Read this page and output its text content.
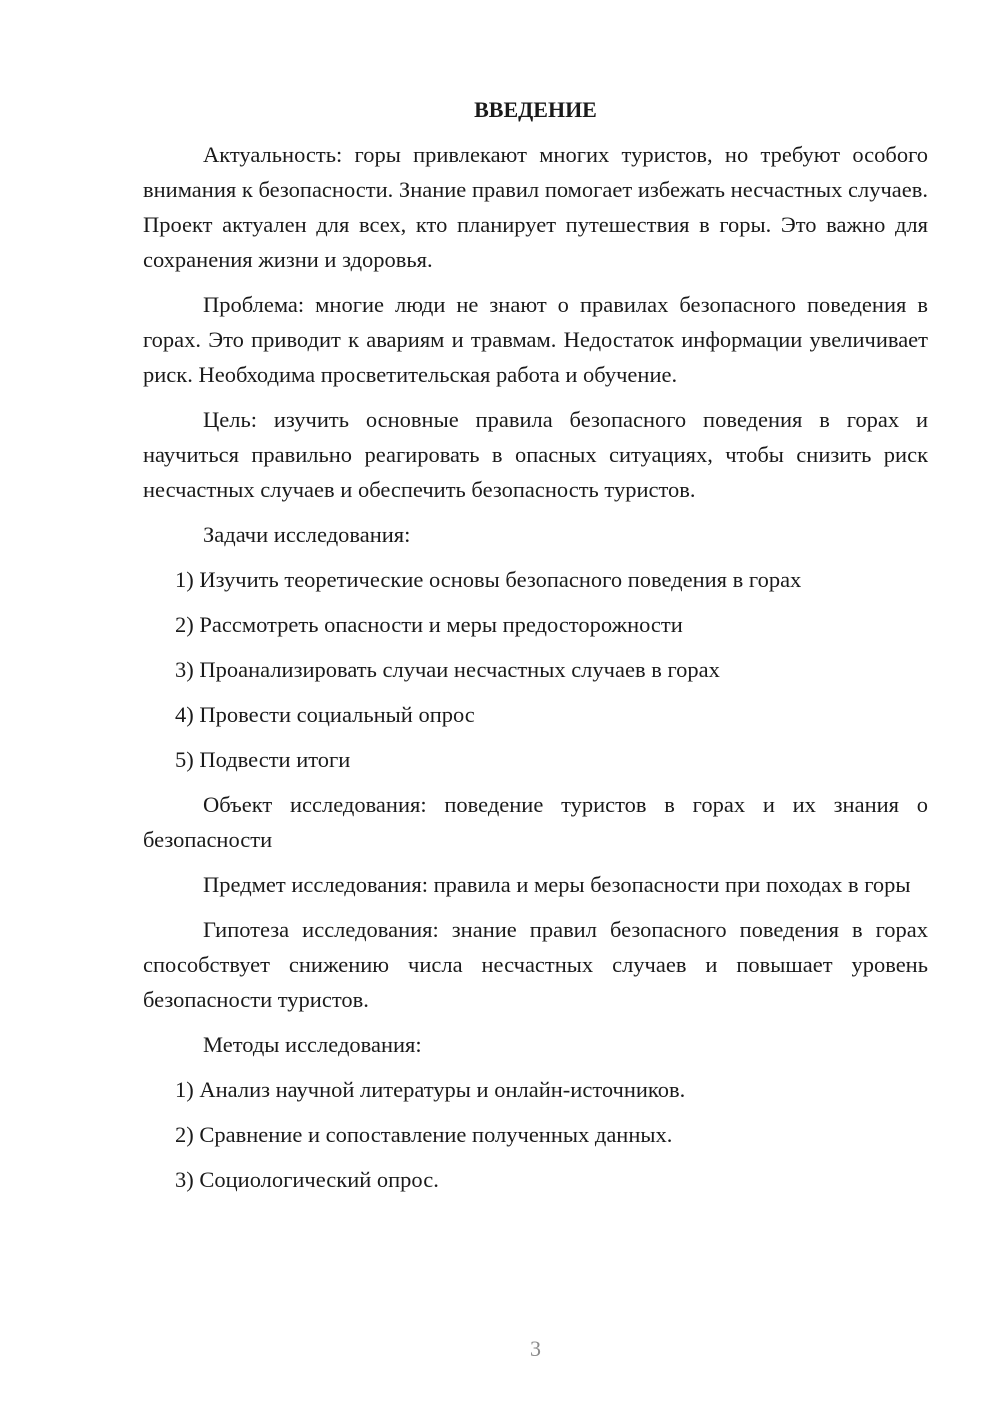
ВВЕДЕНИЕ

Актуальность: горы привлекают многих туристов, но требуют особого внимания к безопасности. Знание правил помогает избежать несчастных случаев. Проект актуален для всех, кто планирует путешествия в горы. Это важно для сохранения жизни и здоровья.

Проблема: многие люди не знают о правилах безопасного поведения в горах. Это приводит к авариям и травмам. Недостаток информации увеличивает риск. Необходима просветительская работа и обучение.

Цель: изучить основные правила безопасного поведения в горах и научиться правильно реагировать в опасных ситуациях, чтобы снизить риск несчастных случаев и обеспечить безопасность туристов.

Задачи исследования:

1) Изучить теоретические основы безопасного поведения в горах
2) Рассмотреть опасности и меры предосторожности
3) Проанализировать случаи несчастных случаев в горах
4) Провести социальный опрос
5) Подвести итоги

Объект исследования: поведение туристов в горах и их знания о безопасности

Предмет исследования: правила и меры безопасности при походах в горы

Гипотеза исследования: знание правил безопасного поведения в горах способствует снижению числа несчастных случаев и повышает уровень безопасности туристов.

Методы исследования:

1) Анализ научной литературы и онлайн-источников.
2) Сравнение и сопоставление полученных данных.
3) Социологический опрос.
3
